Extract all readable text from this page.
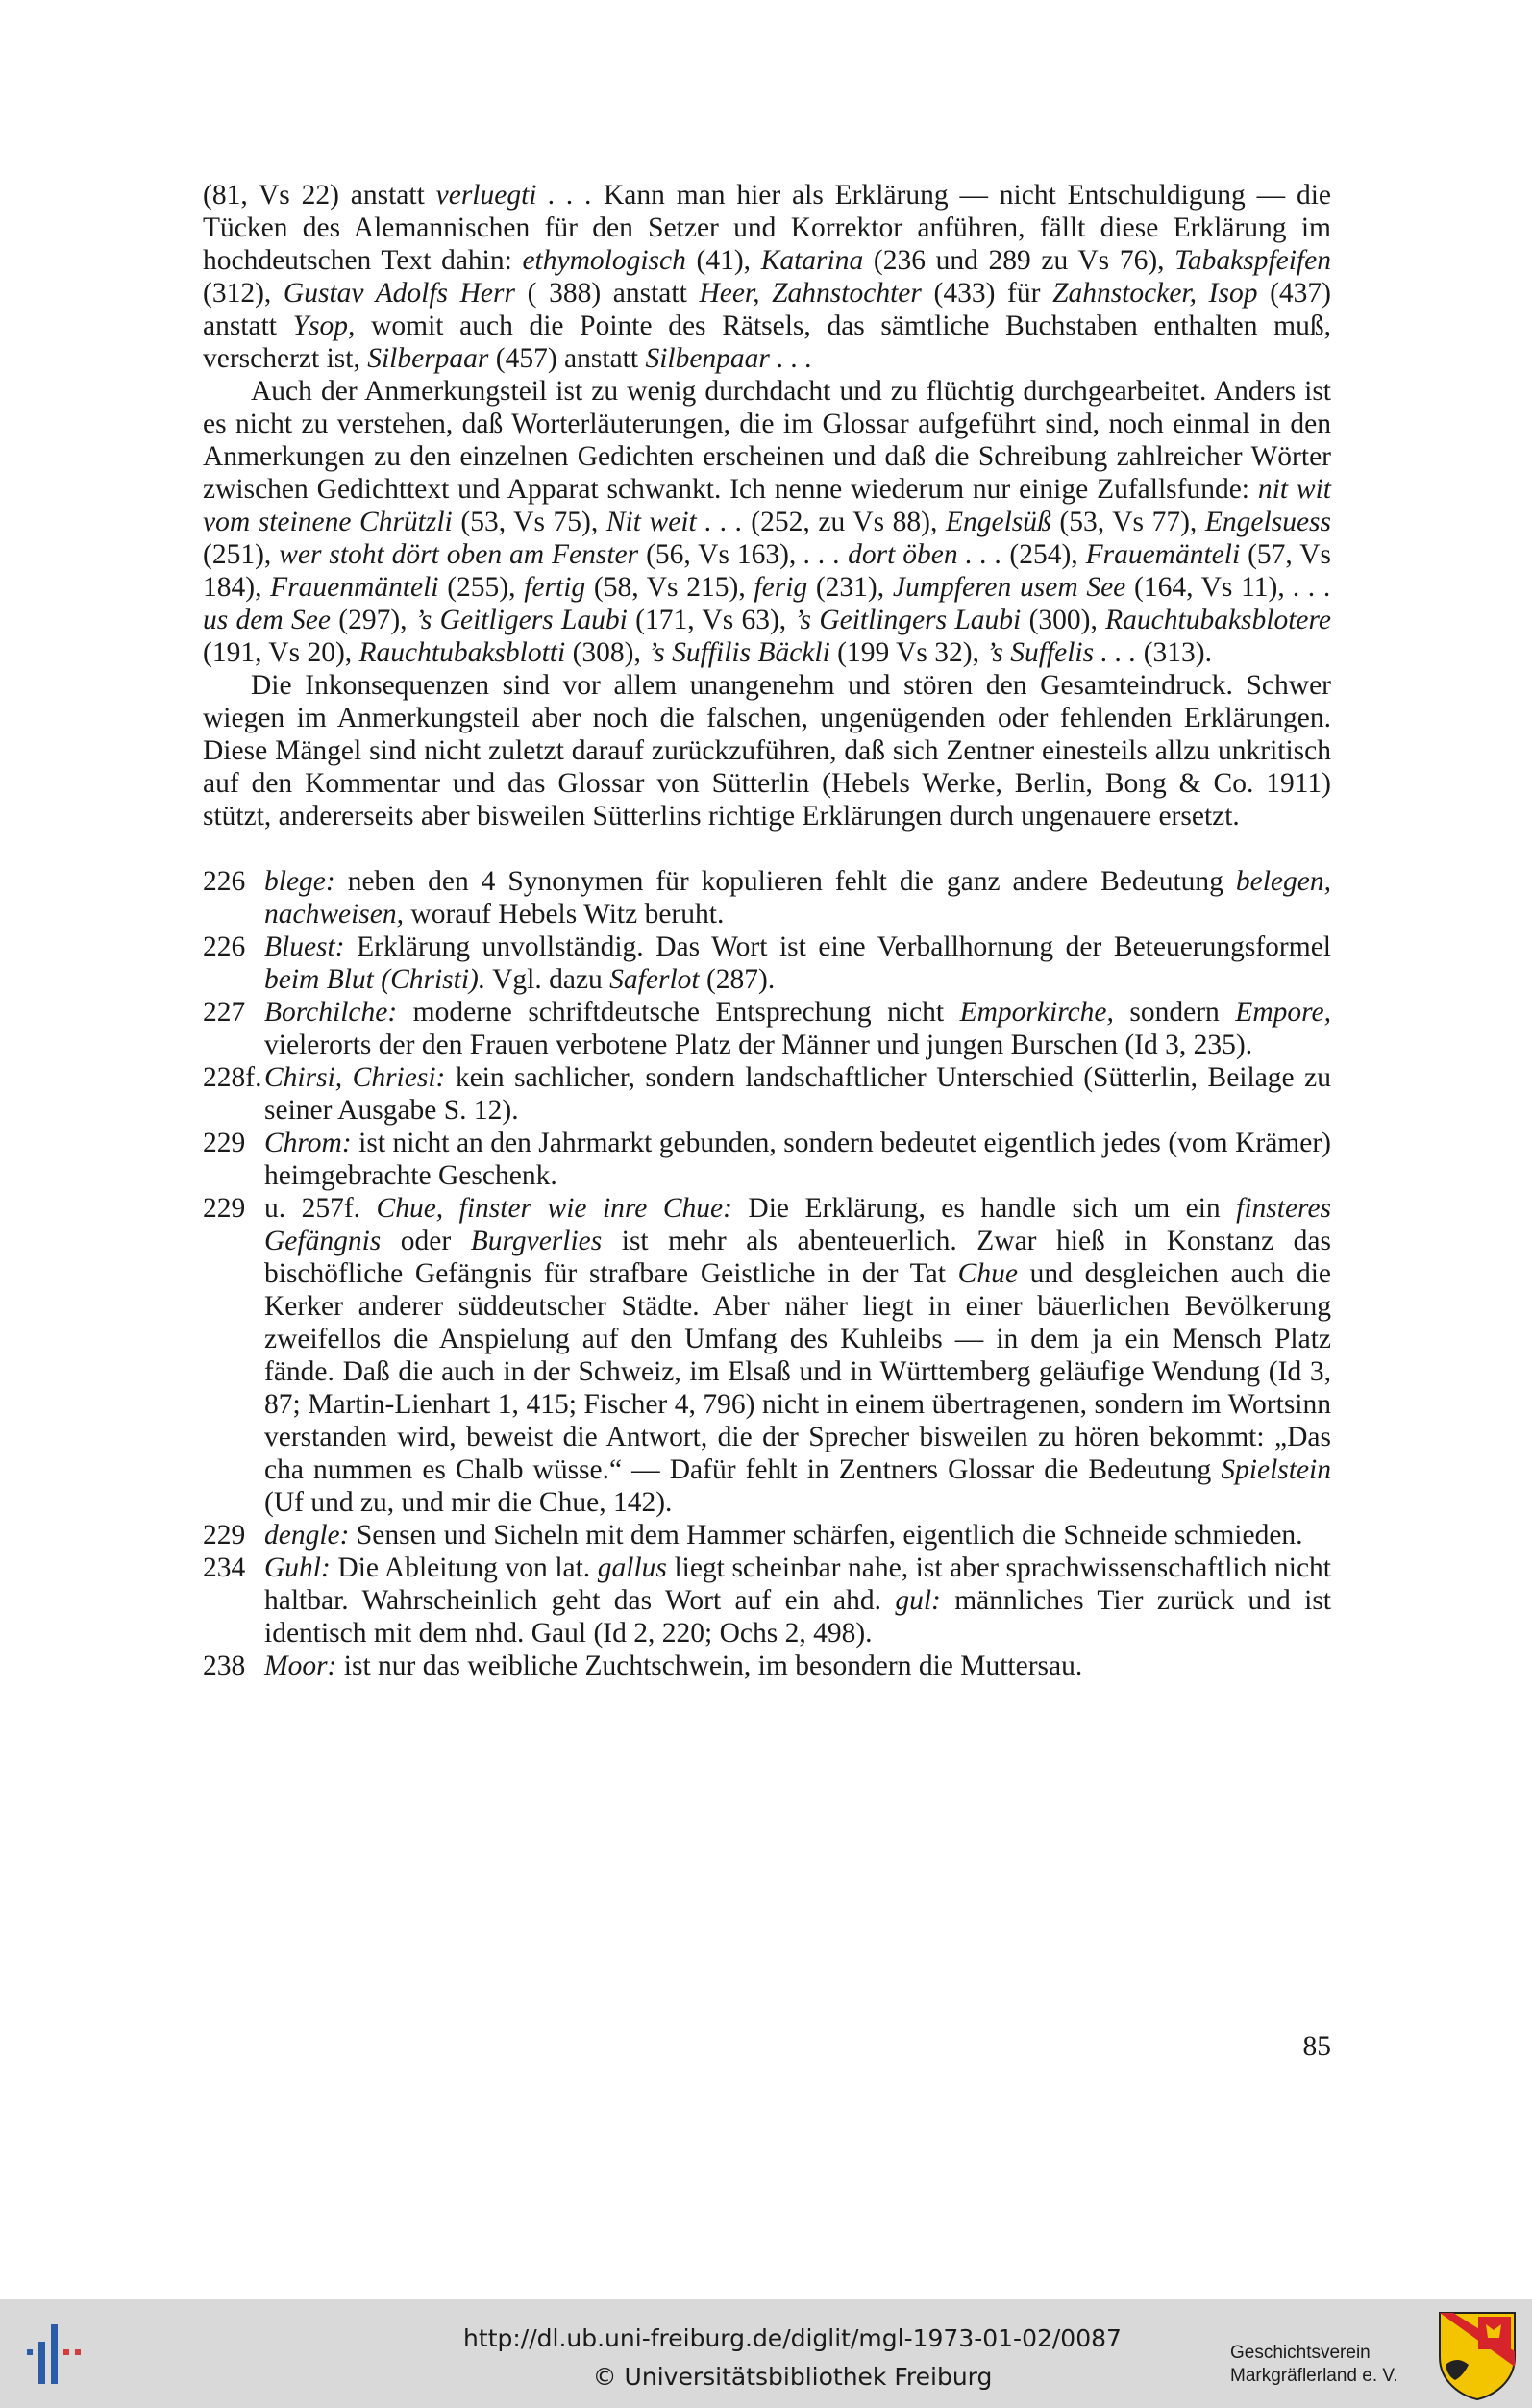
(81, Vs 22) anstatt verluegti . . . Kann man hier als Erklärung — nicht Entschuldigung — die Tücken des Alemannischen für den Setzer und Korrektor anführen, fällt diese Erklärung im hochdeutschen Text dahin: ethymologisch (41), Katarina (236 und 289 zu Vs 76), Tabakspfeifen (312), Gustav Adolfs Herr ( 388) anstatt Heer, Zahnstochter (433) für Zahnstocker, Isop (437) anstatt Ysop, womit auch die Pointe des Rätsels, das sämtliche Buchstaben enthalten muß, verscherzt ist, Silberpaar (457) anstatt Silbenpaar . . .

Auch der Anmerkungsteil ist zu wenig durchdacht und zu flüchtig durchgearbeitet. Anders ist es nicht zu verstehen, daß Worterläuterungen, die im Glossar aufgeführt sind, noch einmal in den Anmerkungen zu den einzelnen Gedichten erscheinen und daß die Schreibung zahlreicher Wörter zwischen Gedichttext und Apparat schwankt. Ich nenne wiederum nur einige Zufallsfunde: nit wit vom steinene Chrützli (53, Vs 75), Nit weit . . . (252, zu Vs 88), Engelsüß (53, Vs 77), Engelsuess (251), wer stoht dört oben am Fenster (56, Vs 163), . . . dort öben . . . (254), Frauemänteli (57, Vs 184), Frauenmänteli (255), fertig (58, Vs 215), ferig (231), Jumpferen usem See (164, Vs 11), . . . us dem See (297), ’s Geitligers Laubi (171, Vs 63), ’s Geitlingers Laubi (300), Rauchtubaksblotere (191, Vs 20), Rauchtubaksblotti (308), ’s Suffilis Bäckli (199 Vs 32), ’s Suffelis . . . (313).

Die Inkonsequenzen sind vor allem unangenehm und stören den Gesamteindruck. Schwer wiegen im Anmerkungsteil aber noch die falschen, ungenügenden oder fehlenden Erklärungen. Diese Mängel sind nicht zuletzt darauf zurückzuführen, daß sich Zentner einesteils allzu unkritisch auf den Kommentar und das Glossar von Sütterlin (Hebels Werke, Berlin, Bong & Co. 1911) stützt, andererseits aber bisweilen Sütterlins richtige Erklärungen durch ungenauere ersetzt.

226 blege: neben den 4 Synonymen für kopulieren fehlt die ganz andere Bedeutung belegen, nachweisen, worauf Hebels Witz beruht.
226 Bluest: Erklärung unvollständig. Das Wort ist eine Verballhornung der Beteuerungsformel beim Blut (Christi). Vgl. dazu Saferlot (287).
227 Borchilche: moderne schriftdeutsche Entsprechung nicht Emporkirche, sondern Empore, vielerorts der den Frauen verbotene Platz der Männer und jungen Burschen (Id 3, 235).
228f. Chirsi, Chriesi: kein sachlicher, sondern landschaftlicher Unterschied (Sütterlin, Beilage zu seiner Ausgabe S. 12).
229 Chrom: ist nicht an den Jahrmarkt gebunden, sondern bedeutet eigentlich jedes (vom Krämer) heimgebrachte Geschenk.
229 u. 257f. Chue, finster wie inre Chue: Die Erklärung, es handle sich um ein finsteres Gefängnis oder Burgverlies ist mehr als abenteuerlich. Zwar hieß in Konstanz das bischöfliche Gefängnis für strafbare Geistliche in der Tat Chue und desgleichen auch die Kerker anderer süddeutscher Städte. Aber näher liegt in einer bäuerlichen Bevölkerung zweifellos die Anspielung auf den Umfang des Kuhleibs — in dem ja ein Mensch Platz fände. Daß die auch in der Schweiz, im Elsaß und in Württemberg geläufige Wendung (Id 3, 87; Martin-Lienhart 1, 415; Fischer 4, 796) nicht in einem übertragenen, sondern im Wortsinn verstanden wird, beweist die Antwort, die der Sprecher bisweilen zu hören bekommt: „Das cha nummen es Chalb wüsse.“ — Dafür fehlt in Zentners Glossar die Bedeutung Spielstein (Uf und zu, und mir die Chue, 142).
229 dengle: Sensen und Sicheln mit dem Hammer schärfen, eigentlich die Schneide schmieden.
234 Guhl: Die Ableitung von lat. gallus liegt scheinbar nahe, ist aber sprachwissenschaftlich nicht haltbar. Wahrscheinlich geht das Wort auf ein ahd. gul: männliches Tier zurück und ist identisch mit dem nhd. Gaul (Id 2, 220; Ochs 2, 498).
238 Moor: ist nur das weibliche Zuchtschwein, im besondern die Muttersau.
85
http://dl.ub.uni-freiburg.de/diglit/mgl-1973-01-02/0087
© Universitätsbibliothek Freiburg
Geschichtsverein
Markgräflerland e. V.
